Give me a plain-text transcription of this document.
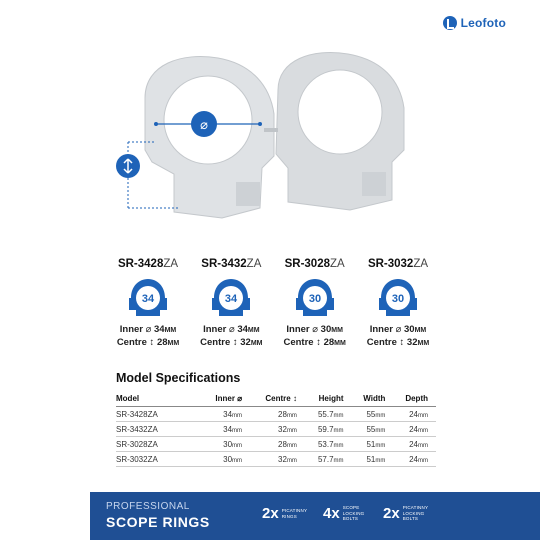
Leofoto
⌀
SR-3428ZA
34
Inner ⌀ 34MM
Centre ↕ 28MM
SR-3432ZA
34
Inner ⌀ 34MM
Centre ↕ 32MM
SR-3028ZA
30
Inner ⌀ 30MM
Centre ↕ 28MM
SR-3032ZA
30
Inner ⌀ 30MM
Centre ↕ 32MM
Model Specifications
Model	Inner ⌀	Centre ↕	Height	Width	Depth
SR-3428ZA	34mm	28mm	55.7mm	55mm	24mm
SR-3432ZA	34mm	32mm	59.7mm	55mm	24mm
SR-3028ZA	30mm	28mm	53.7mm	51mm	24mm
SR-3032ZA	30mm	32mm	57.7mm	51mm	24mm
PROFESSIONAL
SCOPE RINGS	2x PICATINNY
RINGS	4x SCOPE
LOCKING BOLTS	2x PICATINNY
LOCKING BOLTS
